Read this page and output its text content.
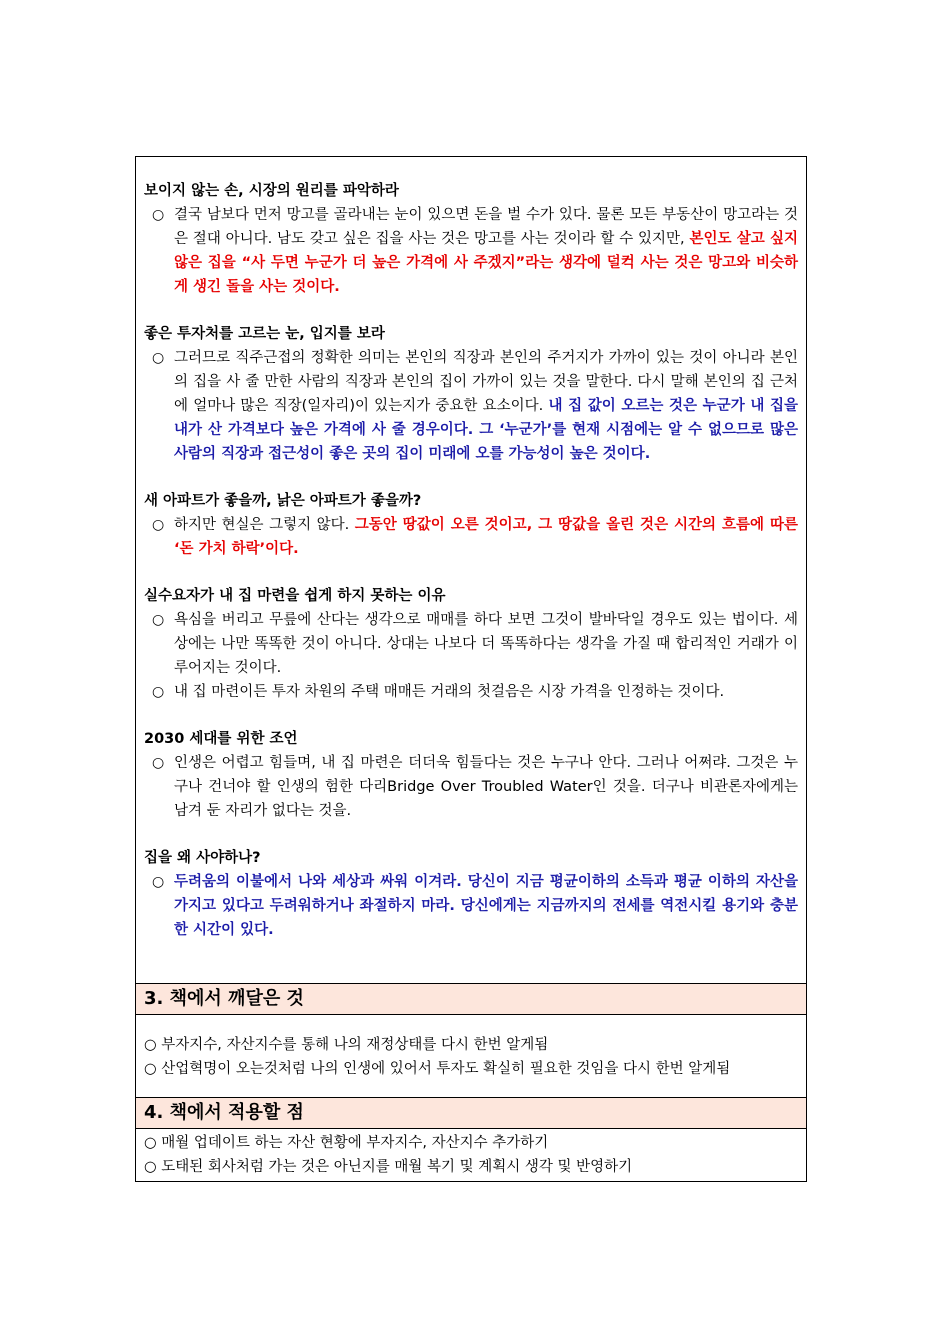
보이지 않는 손, 시장의 원리를 파악하라
○ 결국 남보다 먼저 망고를 골라내는 눈이 있으면 돈을 벌 수가 있다. 물론 모든 부동산이 망고라는 것은 절대 아니다. 남도 갖고 싶은 집을 사는 것은 망고를 사는 것이라 할 수 있지만, 본인도 살고 싶지 않은 집을 “사 두면 누군가 더 높은 가격에 사 주겠지”라는 생각에 덜컥 사는 것은 망고와 비슷하게 생긴 돌을 사는 것이다.
좋은 투자처를 고르는 눈, 입지를 보라
○ 그러므로 직주근접의 정확한 의미는 본인의 직장과 본인의 주거지가 가까이 있는 것이 아니라 본인의 집을 사 줄 만한 사람의 직장과 본인의 집이 가까이 있는 것을 말한다. 다시 말해 본인의 집 근처에 얼마나 많은 직장(일자리)이 있는지가 중요한 요소이다. 내 집 값이 오르는 것은 누군가 내 집을 내가 산 가격보다 높은 가격에 사 줄 경우이다. 그 ‘누군가’를 현재 시점에는 알 수 없으므로 많은 사람의 직장과 접근성이 좋은 곳의 집이 미래에 오를 가능성이 높은 것이다.
새 아파트가 좋을까, 낡은 아파트가 좋을까?
○ 하지만 현실은 그렇지 않다. 그동안 땅값이 오른 것이고, 그 땅값을 올린 것은 시간의 흐름에 따른 ‘돈 가치 하락’이다.
실수요자가 내 집 마련을 쉽게 하지 못하는 이유
○ 욕심을 버리고 무릎에 산다는 생각으로 매매를 하다 보면 그것이 발바닥일 경우도 있는 법이다. 세상에는 나만 똑똑한 것이 아니다. 상대는 나보다 더 똑똑하다는 생각을 가질 때 합리적인 거래가 이루어지는 것이다.
○ 내 집 마련이든 투자 차원의 주택 매매든 거래의 첫걸음은 시장 가격을 인정하는 것이다.
2030 세대를 위한 조언
○ 인생은 어렵고 힘들며, 내 집 마련은 더더욱 힘들다는 것은 누구나 안다. 그러나 어쩌랴. 그것은 누구나 건너야 할 인생의 험한 다리Bridge Over Troubled Water인 것을. 더구나 비관론자에게는 남겨 둔 자리가 없다는 것을.
집을 왜 사야하나?
○ 두려움의 이불에서 나와 세상과 싸워 이겨라. 당신이 지금 평균이하의 소득과 평균 이하의 자산을 가지고 있다고 두려워하거나 좌절하지 마라. 당신에게는 지금까지의 전세를 역전시킬 용기와 충분한 시간이 있다.
3. 책에서 깨달은 것
○ 부자지수, 자산지수를 통해 나의 재정상태를 다시 한번 알게됨
○ 산업혁명이 오는것처럼 나의 인생에 있어서 투자도 확실히 필요한 것임을 다시 한번 알게됨
4. 책에서 적용할 점
○ 매월 업데이트 하는 자산 현황에 부자지수, 자산지수 추가하기
○ 도태된 회사처럼 가는 것은 아닌지를 매월 복기 및 계획시 생각 및 반영하기
